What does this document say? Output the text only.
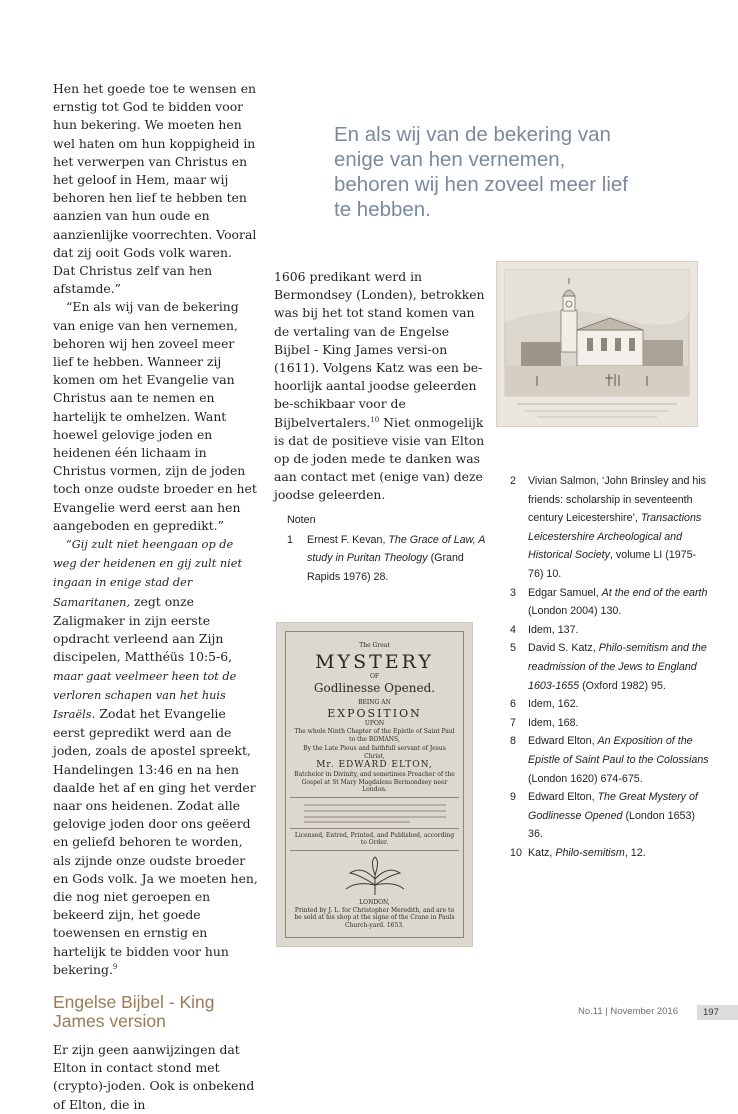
Hen het goede toe te wensen en ernstig tot God te bidden voor hun bekering. We moeten hen wel haten om hun koppigheid in het verwerpen van Christus en het geloof in Hem, maar wij behoren hen lief te hebben ten aanzien van hun oude en aanzienlijke voorrechten. Vooral dat zij ooit Gods volk waren. Dat Christus zelf van hen afstamde.”

“En als wij van de bekering van enige van hen vernemen, behoren wij hen zoveel meer lief te hebben. Wanneer zij komen om het Evangelie van Christus aan te nemen en hartelijk te omhelzen. Want hoewel gelovige joden en heidenen één lichaam in Christus vormen, zijn de joden toch onze oudste broeder en het Evangelie werd eerst aan hen aangeboden en gepredikt.”

“Gij zult niet heengaan op de weg der heidenen en gij zult niet ingaan in enige stad der Samaritanen, zegt onze Zaligmaker in zijn eerste opdracht verleend aan Zijn discipelen, Matthéüs 10:5-6, maar gaat veelmeer heen tot de verloren schapen van het huis Israëls. Zodat het Evangelie eerst gepredikt werd aan de joden, zoals de apostel spreekt, Handelingen 13:46 en na hen daalde het af en ging het verder naar ons heidenen. Zodat alle gelovige joden door ons geëerd en geliefd behoren te worden, als zijnde onze oudste broeder en Gods volk. Ja we moeten hen, die nog niet geroepen en bekeerd zijn, het goede toewensen en ernstig en hartelijk te bidden voor hun bekering.$^9$

Engelse Bijbel - King James version

Er zijn geen aanwijzingen dat Elton in contact stond met (crypto)-joden. Ook is onbekend of Elton, die in

En als wij van de bekering van enige van hen vernemen, behoren wij hen zoveel meer lief te hebben.

1606 predikant werd in Bermondsey (Londen), betrokken was bij het tot stand komen van de vertaling van de Engelse Bijbel - King James versi-on (1611). Volgens Katz was een be-hoorlijk aantal joodse geleerden be-schikbaar voor de Bijbelvertalers.$^{10}$ Niet onmogelijk is dat de positieve visie van Elton op de joden mede te danken was aan contact met (enige van) deze joodse geleerden.

Noten
1	Ernest F. Kevan, The Grace of Law, A study in Puritan Theology (Grand Rapids 1976) 28.
2	Vivian Salmon, ‘John Brinsley and his friends: scholarship in seventeenth century Leicestershire’, Transactions Leicestershire Archeological and Historical Society, volume LI (1975-76) 10.
3	Edgar Samuel, At the end of the earth (London 2004) 130.
4	Idem, 137.
5	David S. Katz, Philo-semitism and the readmission of the Jews to England 1603-1655 (Oxford 1982) 95.
6	Idem, 162.
7	Idem, 168.
8	Edward Elton, An Exposition of the Epistle of Saint Paul to the Colossians (London 1620) 674-675.
9	Edward Elton, The Great Mystery of Godlinesse Opened (London 1653) 36.
10 Katz, Philo-semitism, 12.
The Great
MYSTERY
OF
Godlinesse Opened.
BEING AN
EXPOSITION
UPON
The whole Ninth Chapter of the Epistle of Saint Paul to the ROMANS,
By the Late Pious and faithfull servant of Jesus Christ,
Mr. EDWARD ELTON,
Batchelor in Divinity, and sometimes Preacher of the Gospel at St Mary Magdalens Bermondsey neer London.
Licensed, Entred, Printed, and Published, according to Order.
LONDON,
Printed by J. L. for Christopher Meredith, and are to be sold at his shop at the signe of the Crane in Pauls Church-yard. 1653.
No.11 | November 2016	197
